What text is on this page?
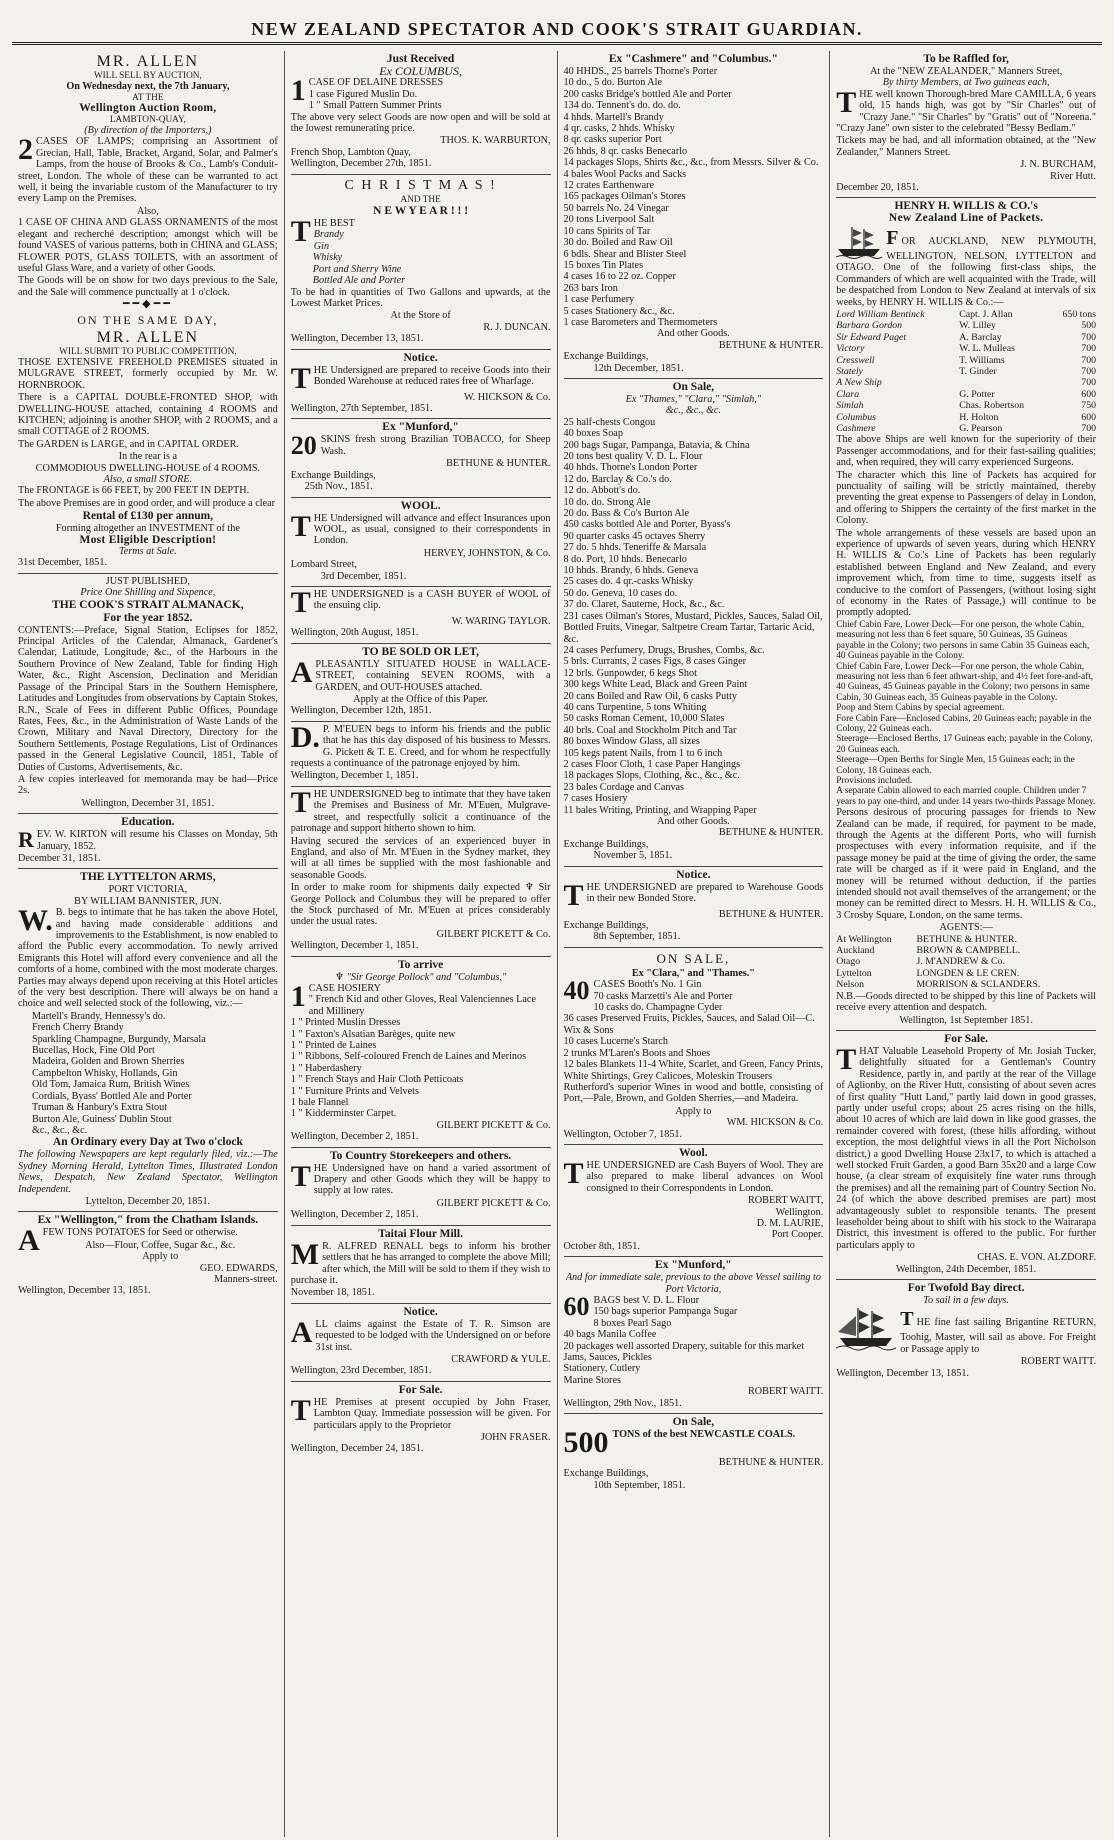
NEW ZEALAND SPECTATOR AND COOK'S STRAIT GUARDIAN.
MR. ALLEN
WILL SELL BY AUCTION,
On Wednesday next, the 7th January,
AT THE
Wellington Auction Room,
LAMBTON-QUAY,
(By direction of the Importers,)

2 CASES OF LAMPS; comprising an Assortment of Grecian, Hall, Table, Bracket, Argand, Solar, and Palmer's Lamps, from the house of Brooks & Co., Lamb's Conduit-street, London. The whole of these can be warranted to act well, it being the invariable custom of the Manufacturer to try every Lamp on the Premises.

Also,

1 CASE OF CHINA AND GLASS ORNAMENTS of the most elegant and recherché description; amongst which will be found VASES of various patterns, both in CHINA and GLASS; FLOWER POTS, GLASS TOILETS, with an assortment of useful Glass Ware, and a variety of other Goods.

The Goods will be on show for two days previous to the Sale, and the Sale will commence punctually at 1 o'clock.

━━◆━━
ON THE SAME DAY,
MR. ALLEN
WILL SUBMIT TO PUBLIC COMPETITION,

THOSE EXTENSIVE FREEHOLD PREMISES situated in MULGRAVE STREET, formerly occupied by Mr. W. HORNBROOK.

There is a CAPITAL DOUBLE-FRONTED SHOP, with DWELLING-HOUSE attached, containing 4 ROOMS and KITCHEN; adjoining is another SHOP, with 2 ROOMS, and a small COTTAGE of 2 ROOMS.

The GARDEN is LARGE, and in CAPITAL ORDER.

In the rear is a
COMMODIOUS DWELLING-HOUSE of 4 ROOMS.
Also, a small STORE.

The FRONTAGE is 66 FEET, by 200 FEET IN DEPTH.

The above Premises are in good order, and will produce a clear

Rental of £130 per annum,
Forming altogether an INVESTMENT of the
Most Eligible Description!
Terms at Sale.
31st December, 1851.
JUST PUBLISHED,
Price One Shilling and Sixpence,
THE COOK'S STRAIT ALMANACK,
For the year 1852.

CONTENTS:—Preface, Signal Station, Eclipses for 1852, Principal Articles of the Calendar, Almanack, Gardener's Calendar, Latitude, Longitude, &c., of the Harbours in the Southern Province of New Zealand, Table for finding High Water, &c., Right Ascension, Declination and Meridian Passage of the Principal Stars in the Southern Hemisphere, Latitudes and Longitudes from observations by Captain Stokes, R.N., Scale of Fees in different Public Offices, Poundage Rates, Fees, &c., in the Administration of Waste Lands of the Crown, Military and Naval Directory, Directory for the Southern Settlements, Postage Regulations, List of Ordinances passed in the General Legislative Council, 1851, Table of Duties of Customs, Advertisements, &c.

A few copies interleaved for memoranda may be had—Price 2s.

Wellington, December 31, 1851.
Education.

REV. W. KIRTON will resume his Classes on Monday, 5th January, 1852.

December 31, 1851.
THE LYTTELTON ARMS,
PORT VICTORIA,
BY WILLIAM BANNISTER, JUN.

W. B. begs to intimate that he has taken the above Hotel, and having made considerable additions and improvements to the Establishment, is now enabled to afford the Public every accommodation. To newly arrived Emigrants this Hotel will afford every convenience and all the comforts of a home, combined with the most moderate charges. Parties may always depend upon receiving at this Hotel articles of the very best description. There will always be on hand a choice and well selected stock of the following, viz.:—

Martell's Brandy, Hennessy's do.
French Cherry Brandy
Sparkling Champagne, Burgundy, Marsala
Bucellas, Hock, Fine Old Port
Madeira, Golden and Brown Sherries
Campbelton Whisky, Hollands, Gin
Old Tom, Jamaica Rum, British Wines
Cordials, Byass' Bottled Ale and Porter
Truman & Hanbury's Extra Stout
Burton Ale, Guiness' Dublin Stout
&c., &c., &c.
An Ordinary every Day at Two o'clock

The following Newspapers are kept regularly filed, viz.:—The Sydney Morning Herald, Lyttelton Times, Illustrated London News, Despatch, New Zealand Spectator, Wellington Independent.

Lyttelton, December 20, 1851.
Ex "Wellington," from the Chatham Islands.

AFEW TONS POTATOES for Seed or otherwise.

Also—Flour, Coffee, Sugar &c., &c.
Apply to
GEO. EDWARDS,
Manners-street.
Wellington, December 13, 1851.
Just Received
Ex COLUMBUS,
1 CASE OF DELAINE DRESSES
1 case Figured Muslin Do.
1 " Small Pattern Summer Prints

The above very select Goods are now open and will be sold at the lowest remunerating price.

THOS. K. WARBURTON,
French Shop, Lambton Quay,
Wellington, December 27th, 1851.
C H R I S T M A S !
AND THE
N E W Y E A R ! ! !
T HE BEST
Brandy
Gin
Whisky
Port and Sherry Wine
Bottled Ale and Porter

To be had in quantities of Two Gallons and upwards, at the Lowest Market Prices.

At the Store of
R. J. DUNCAN.
Wellington, December 13, 1851.
Notice.

THE Undersigned are prepared to receive Goods into their Bonded Warehouse at reduced rates free of Wharfage.

W. HICKSON & Co.
Wellington, 27th September, 1851.
Ex "Munford,"

20 SKINS fresh strong Brazilian TOBACCO, for Sheep Wash.

BETHUNE & HUNTER.
Exchange Buildings,
25th Nov., 1851.
WOOL.

THE Undersigned will advance and effect Insurances upon WOOL, as usual, consigned to their correspondents in London.

HERVEY, JOHNSTON, & Co.
Lombard Street,
3rd December, 1851.

THE UNDERSIGNED is a CASH BUYER of WOOL of the ensuing clip.

W. WARING TAYLOR.
Wellington, 20th August, 1851.
TO BE SOLD OR LET,

APLEASANTLY SITUATED HOUSE in WALLACE-STREET, containing SEVEN ROOMS, with a GARDEN, and OUT-HOUSES attached.

Apply at the Office of this Paper.
Wellington, December 12th, 1851.

D. P. M'EUEN begs to inform his friends and the public that he has this day disposed of his business to Messrs. G. Pickett & T. E. Creed, and for whom he respectfully requests a continuance of the patronage enjoyed by him.

Wellington, December 1, 1851.

THE UNDERSIGNED beg to intimate that they have taken the Premises and Business of Mr. M'Euen, Mulgrave-street, and respectfully solicit a continuance of the patronage and support hitherto shown to him.

Having secured the services of an experienced buyer in England, and also of Mr. M'Euen in the Sydney market, they will at all times be supplied with the most fashionable and seasonable Goods.

In order to make room for shipments daily expected ♆ Sir George Pollock and Columbus they will be prepared to offer the Stock purchased of Mr. M'Euen at prices considerably under the usual rates.

GILBERT PICKETT & Co.
Wellington, December 1, 1851.
To arrive
♆ "Sir George Pollock" and "Columbus,"
1 CASE HOSIERY
" French Kid and other Gloves, Real Valenciennes Lace and Millinery
1 " Printed Muslin Dresses
1 " Faxton's Alsatian Barèges, quite new
1 " Printed de Laines
1 " Ribbons, Self-coloured French de Laines and Merinos
1 " Haberdashery
1 " French Stays and Hair Cloth Petticoats
1 " Furniture Prints and Velvets
1 bale Flannel
1 " Kidderminster Carpet.
GILBERT PICKETT & Co.
Wellington, December 2, 1851.
To Country Storekeepers and others.

THE Undersigned have on hand a varied assortment of Drapery and other Goods which they will be happy to supply at low rates.

GILBERT PICKETT & Co.
Wellington, December 2, 1851.
Taitai Flour Mill.

M R. ALFRED RENALL begs to inform his brother settlers that he has arranged to complete the above Mill; after which, the Mill will be sold to them if they wish to purchase it.

November 18, 1851.
Notice.

ALL claims against the Estate of T. R. Simson are requested to be lodged with the Undersigned on or before 31st inst.

CRAWFORD & YULE.
Wellington, 23rd December, 1851.
For Sale.

THE Premises at present occupied by John Fraser, Lambton Quay. Immediate possession will be given. For particulars apply to the Proprietor

JOHN FRASER.
Wellington, December 24, 1851.
Ex "Cashmere" and "Columbus."
40 HHDS., 25 barrels Thorne's Porter
10 do., 5 do. Burton Ale
200 casks Bridge's bottled Ale and Porter
134 do. Tennent's do. do. do.
4 hhds. Martell's Brandy
4 qr. casks, 2 hhds. Whisky
8 qr. casks superior Port
26 hhds, 8 qr. casks Benecarlo
14 packages Slops, Shirts &c., &c., from Messrs. Silver & Co.
4 bales Wool Packs and Sacks
12 crates Earthenware
165 packages Oilman's Stores
50 barrels No. 24 Vinegar
20 tons Liverpool Salt
10 cans Spirits of Tar
30 do. Boiled and Raw Oil
6 bdls. Shear and Blister Steel
15 boxes Tin Plates
4 cases 16 to 22 oz. Copper
263 bars Iron
1 case Perfumery
5 cases Stationery &c., &c.
1 case Barometers and Thermometers
And other Goods.
BETHUNE & HUNTER.
Exchange Buildings,
12th December, 1851.
On Sale,
Ex "Thames," "Clara," "Simlah,"
&c., &c., &c.
25 half-chests Congou
40 boxes Soap
200 bags Sugar, Pampanga, Batavia, & China
20 tons best quality V. D. L. Flour
40 hhds. Thorne's London Porter
12 do. Barclay & Co.'s do.
12 do. Abbott's do.
10 do. do. Strong Ale
20 do. Bass & Co's Burton Ale
450 casks bottled Ale and Porter, Byass's
90 quarter casks 45 octaves Sherry
27 do. 5 hhds. Teneriffe & Marsala
8 do. Port, 10 hhds. Benecarlo
10 hhds. Brandy, 6 hhds. Geneva
25 cases do. 4 qr.-casks Whisky
50 do. Geneva, 10 cases do.
37 do. Claret, Sauterne, Hock, &c., &c.
231 cases Oilman's Stores, Mustard, Pickles, Sauces, Salad Oil, Bottled Fruits, Vinegar, Saltpetre Cream Tartar, Tartaric Acid, &c.
24 cases Perfumery, Drugs, Brushes, Combs, &c.
5 brls. Currants, 2 cases Figs, 8 cases Ginger
12 brls. Gunpowder, 6 kegs Shot
300 kegs White Lead, Black and Green Paint
20 cans Boiled and Raw Oil, 6 casks Putty
40 cans Turpentine, 5 tons Whiting
50 casks Roman Cement, 10,000 Slates
40 brls. Coal and Stockholm Pitch and Tar
80 boxes Window Glass, all sizes
105 kegs patent Nails, from 1 to 6 inch
2 cases Floor Cloth, 1 case Paper Hangings
18 packages Slops, Clothing, &c., &c., &c.
23 bales Cordage and Canvas
7 cases Hosiery
11 bales Writing, Printing, and Wrapping Paper
And other Goods.
BETHUNE & HUNTER.
Exchange Buildings,
November 5, 1851.
Notice.

THE UNDERSIGNED are prepared to Warehouse Goods in their new Bonded Store.

BETHUNE & HUNTER.
Exchange Buildings,
8th September, 1851.
ON SALE,
Ex "Clara," and "Thames."
40 CASES Booth's No. 1 Gin
70 casks Marzetti's Ale and Porter
10 casks do. Champagne Cyder
36 cases Preserved Fruits, Pickles, Sauces, and Salad Oil—C. Wix & Sons
10 cases Lucerne's Starch
2 trunks M'Laren's Boots and Shoes
12 bales Blankets 11-4 White, Scarlet, and Green, Fancy Prints, White Shirtings, Grey Calicoes, Moleskin Trousers

Rutherford's superior Wines in wood and bottle, consisting of Port,—Pale, Brown, and Golden Sherries,—and Madeira.

Apply to
WM. HICKSON & Co.
Wellington, October 7, 1851.
Wool.

THE UNDERSIGNED are Cash Buyers of Wool. They are also prepared to make liberal advances on Wool consigned to their Correspondents in London.

ROBERT WAITT,
Wellington.
D. M. LAURIE,
Port Cooper.
October 8th, 1851.
Ex "Munford,"
And for immediate sale, previous to the above Vessel sailing to Port Victoria,
60 BAGS best V. D. L. Flour
150 bags superior Pampanga Sugar
8 boxes Pearl Sago
40 bags Manila Coffee
20 packages well assorted Drapery, suitable for this market
Jams, Sauces, Pickles
Stationery, Cutlery
Marine Stores
ROBERT WAITT.
Wellington, 29th Nov., 1851.
On Sale,

500 TONS of the best NEWCASTLE COALS.

BETHUNE & HUNTER.
Exchange Buildings,
10th September, 1851.
To be Raffled for,
At the "NEW ZEALANDER," Manners Street,
By thirty Members, at Two guineas each,

THE well known Thorough-bred Mare CAMILLA, 6 years old, 15 hands high, was got by "Sir Charles" out of "Crazy Jane." "Sir Charles" by "Gratis" out of "Noreena." "Crazy Jane" own sister to the celebrated "Bessy Bedlam."

Tickets may be had, and all information obtained, at the "New Zealander," Manners Street.

J. N. BURCHAM,
River Hutt.
December 20, 1851.
HENRY H. WILLIS & CO.'s
New Zealand Line of Packets.

FOR AUCKLAND, NEW PLYMOUTH, WELLINGTON, NELSON, LYTTELTON and OTAGO. One of the following first-class ships, the Commanders of which are well acquainted with the Trade, will be despatched from London to New Zealand at intervals of six weeks, by HENRY H. WILLIS & Co.:—

Lord William Bentinck	Capt. J. Allan	650 tons
Barbara Gordon	W. Lilley	500
Sir Edward Paget	A. Barclay	700
Victory	W. L. Mulleas	700
Cresswell	T. Williams	700
Stately	T. Ginder	700
A New Ship		700
Clara	G. Potter	600
Simlah	Chas. Robertson	750
Columbus	H. Holton	600
Cashmere	G. Pearson	700

The above Ships are well known for the superiority of their Passenger accommodations, and for their fast-sailing qualities; and, when required, they will carry experienced Surgeons.

The character which this line of Packets has acquired for punctuality of sailing will be strictly maintained, thereby preventing the great expense to Passengers of delay in London, and offering to Shippers the certainty of the first market in the Colony.

The whole arrangements of these vessels are based upon an experience of upwards of seven years, during which HENRY H. WILLIS & Co.'s Line of Packets has been regularly established between England and New Zealand, and every improvement which, from time to time, suggests itself as conducive to the comfort of Passengers, (without losing sight of economy in the Rates of Passage,) will continue to be promptly adopted.

Chief Cabin Fare, Lower Deck—For one person, the whole Cabin, measuring not less than 6 feet square, 50 Guineas, 35 Guineas payable in the Colony; two persons in same Cabin 35 Guineas each, 40 Guineas payable in the Colony.
Chief Cabin Fare, Lower Deck—For one person, the whole Cabin, measuring not less than 6 feet athwart-ship, and 4½ feet fore-and-aft, 40 Guineas, 45 Guineas payable in the Colony; two persons in same Cabin, 30 Guineas each, 35 Guineas payable in the Colony.
Poop and Stern Cabins by special agreement.
Fore Cabin Fare—Enclosed Cabins, 20 Guineas each; payable in the Colony, 22 Guineas each.
Steerage—Enclosed Berths, 17 Guineas each; payable in the Colony, 20 Guineas each.
Steerage—Open Berths for Single Men, 15 Guineas each; in the Colony, 18 Guineas each.
Provisions included.
A separate Cabin allowed to each married couple. Children under 7 years to pay one-third, and under 14 years two-thirds Passage Money.

Persons desirous of procuring passages for friends to New Zealand can be made, if required, for payment to be made, through the Agents at the different Ports, who will furnish prospectuses with every information requisite, and if the passage money be paid at the time of giving the order, the same rate will be charged as if it were paid in England, and the money will be returned without deduction, if the parties intended should not avail themselves of the arrangement; or the money can be remitted direct to Messrs. H. H. WILLIS & Co., 3 Crosby Square, London, on the same terms.

AGENTS:—
At Wellington	BETHUNE & HUNTER.
Auckland	BROWN & CAMPBELL.
Otago	J. M'ANDREW & Co.
Lyttelton	LONGDEN & LE CREN.
Nelson	MORRISON & SCLANDERS.

N.B.—Goods directed to be shipped by this line of Packets will receive every attention and despatch.

Wellington, 1st September 1851.
For Sale.

THAT Valuable Leasehold Property of Mr. Josiah Tucker, delightfully situated for a Gentleman's Country Residence, partly in, and partly at the rear of the Village of Aglionby, on the River Hutt, consisting of about seven acres of first quality "Hutt Land," partly laid down in good grasses, partly under useful crops; about 25 acres rising on the hills, about 10 acres of which are laid down in like good grasses, the remainder covered with forest, (these hills affording, without exception, the most delightful views in all the Port Nicholson district,) a good Dwelling House 23x17, to which is attached a well stocked Fruit Garden, a good Barn 35x20 and a large Cow house, (a clear stream of exquisitely fine water runs through the premises) and all the remaining part of Country Section No. 24 (of which the above described premises are part) most advantageously sublet to responsible tenants. The present leaseholder being about to shift with his stock to the Wairarapa District, this investment is offered to the public. For further particulars apply to

CHAS. E. VON. ALZDORF.
Wellington, 24th December, 1851.
For Twofold Bay direct.
To sail in a few days.

THE fine fast sailing Brigantine RETURN, Toohig, Master, will sail as above. For Freight or Passage apply to

ROBERT WAITT.
Wellington, December 13, 1851.
